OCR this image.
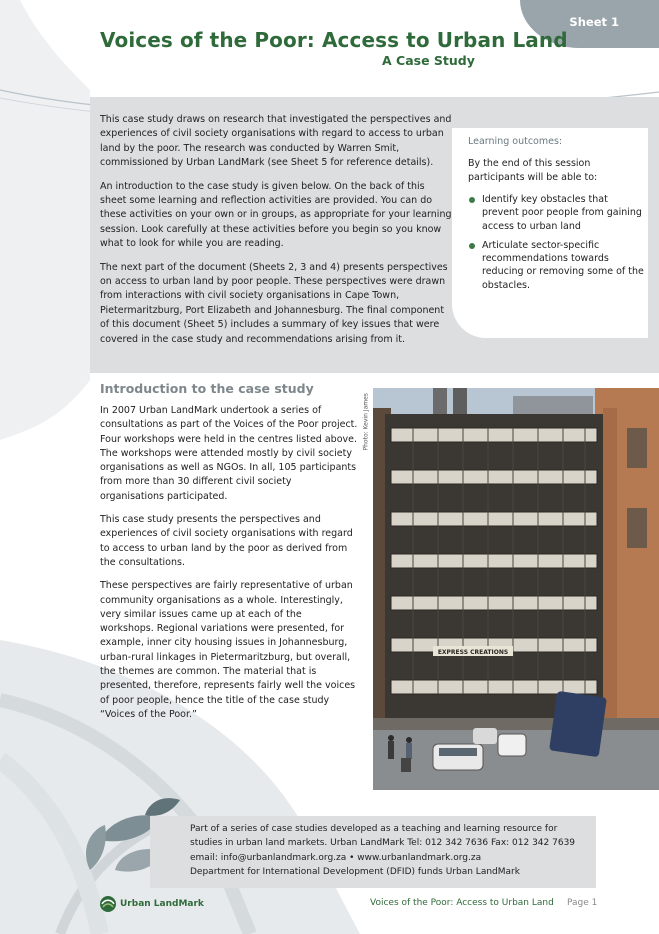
Sheet 1
Voices of the Poor: Access to Urban Land
A Case Study

This case study draws on research that investigated the perspectives and experiences of civil society organisations with regard to access to urban land by the poor. The research was conducted by Warren Smit, commissioned by Urban LandMark (see Sheet 5 for reference details).

An introduction to the case study is given below. On the back of this sheet some learning and reflection activities are provided. You can do these activities on your own or in groups, as appropriate for your learning session. Look carefully at these activities before you begin so you know what to look for while you are reading.

The next part of the document (Sheets 2, 3 and 4) presents perspectives on access to urban land by poor people. These perspectives were drawn from interactions with civil society organisations in Cape Town, Pietermaritzburg, Port Elizabeth and Johannesburg. The final component of this document (Sheet 5) includes a summary of key issues that were covered in the case study and recommendations arising from it.

Learning outcomes:
By the end of this session participants will be able to:
Identify key obstacles that prevent poor people from gaining access to urban land
Articulate sector-specific recommendations towards reducing or removing some of the obstacles.
Introduction to the case study

In 2007 Urban LandMark undertook a series of consultations as part of the Voices of the Poor project. Four workshops were held in the centres listed above. The workshops were attended mostly by civil society organisations as well as NGOs. In all, 105 participants from more than 30 different civil society organisations participated.

This case study presents the perspectives and experiences of civil society organisations with regard to access to urban land by the poor as derived from the consultations.

These perspectives are fairly representative of urban community organisations as a whole. Interestingly, very similar issues came up at each of the workshops. Regional variations were presented, for example, inner city housing issues in Johannesburg, urban-rural linkages in Pietermaritzburg, but overall, the themes are common. The material that is presented, therefore, represents fairly well the voices of poor people, hence the title of the case study “Voices of the Poor.”

Photo: Kevin James
EXPRESS CREATIONS
Part of a series of case studies developed as a teaching and learning resource for
studies in urban land markets. Urban LandMark Tel: 012 342 7636 Fax: 012 342 7639
email: info@urbanlandmark.org.za • www.urbanlandmark.org.za
Department for International Development (DFID) funds Urban LandMark
Urban LandMark	Voices of the Poor: Access to Urban Land Page 1
